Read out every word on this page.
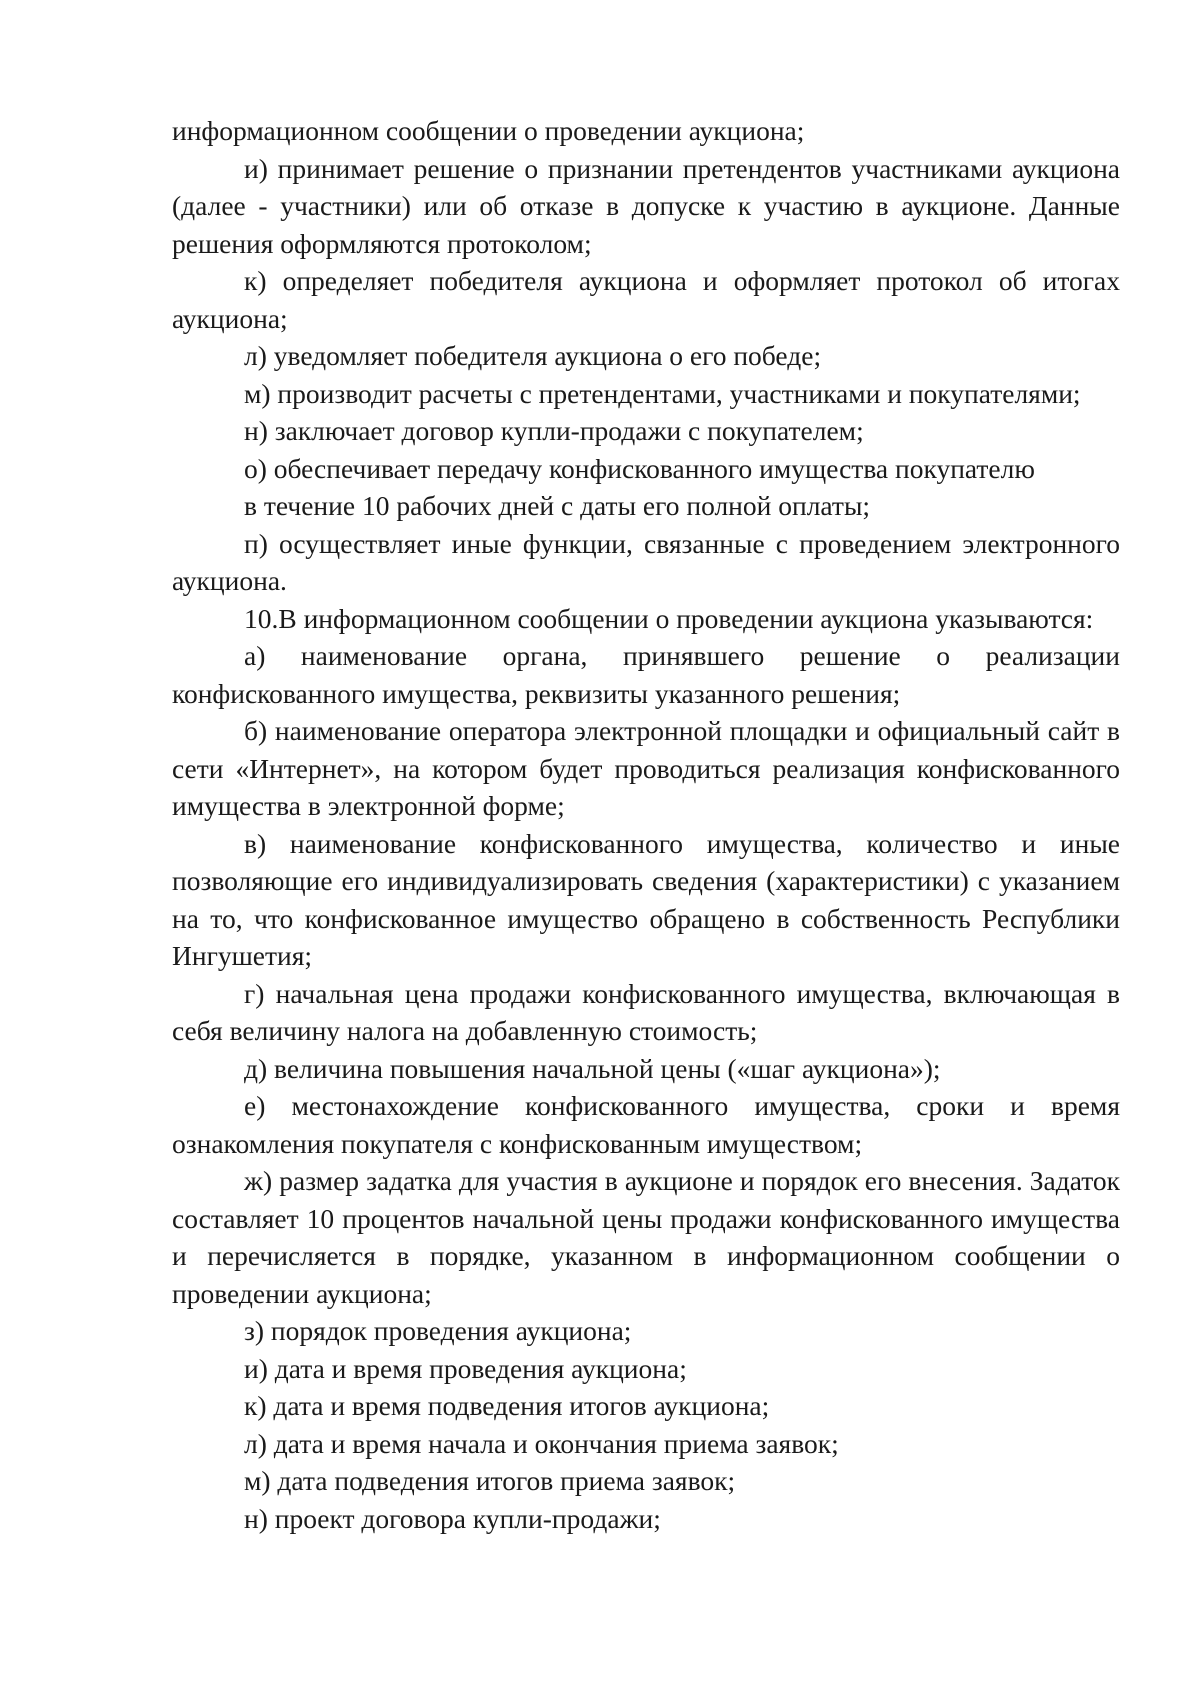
информационном сообщении о проведении аукциона;

и) принимает решение о признании претендентов участниками аукциона (далее - участники) или об отказе в допуске к участию в аукционе. Данные решения оформляются протоколом;

к) определяет победителя аукциона и оформляет протокол об итогах аукциона;

л) уведомляет победителя аукциона о его победе;

м) производит расчеты с претендентами, участниками и покупателями;

н) заключает договор купли-продажи с покупателем;

о) обеспечивает передачу конфискованного имущества покупателю

в течение 10 рабочих дней с даты его полной оплаты;

п) осуществляет иные функции, связанные с проведением электронного аукциона.

10.В информационном сообщении о проведении аукциона указываются:

а) наименование органа, принявшего решение о реализации конфискованного имущества, реквизиты указанного решения;

б) наименование оператора электронной площадки и официальный сайт в сети «Интернет», на котором будет проводиться реализация конфискованного имущества в электронной форме;

в) наименование конфискованного имущества, количество и иные позволяющие его индивидуализировать сведения (характеристики) с указанием на то, что конфискованное имущество обращено в собственность Республики Ингушетия;

г) начальная цена продажи конфискованного имущества, включающая в себя величину налога на добавленную стоимость;

д) величина повышения начальной цены («шаг аукциона»);

е) местонахождение конфискованного имущества, сроки и время ознакомления покупателя с конфискованным имуществом;

ж) размер задатка для участия в аукционе и порядок его внесения. Задаток составляет 10 процентов начальной цены продажи конфискованного имущества и перечисляется в порядке, указанном в информационном сообщении о проведении аукциона;

з) порядок проведения аукциона;

и) дата и время проведения аукциона;

к) дата и время подведения итогов аукциона;

л) дата и время начала и окончания приема заявок;

м) дата подведения итогов приема заявок;

н) проект договора купли-продажи;
